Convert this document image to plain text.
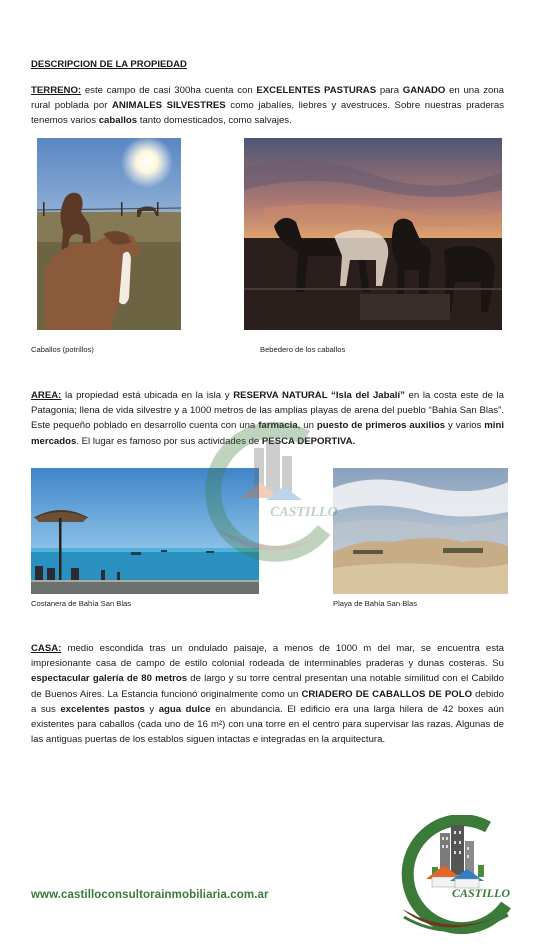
DESCRIPCION DE LA PROPIEDAD
TERRENO: este campo de casi 300ha cuenta con EXCELENTES PASTURAS para GANADO en una zona rural poblada por ANIMALES SILVESTRES como jabalíes, liebres y avestruces. Sobre nuestras praderas tenemos varios caballos tanto domesticados, como salvajes.
Caballos (potrillos)	Bebedero de los caballos
AREA: la propiedad está ubicada en la isla y RESERVA NATURAL “Isla del Jabalí” en la costa este de la Patagonia; llena de vida silvestre y a 1000 metros de las amplias playas de arena del pueblo “Bahía San Blas”. Este pequeño poblado en desarrollo cuenta con una farmacia, un puesto de primeros auxilios y varios mini mercados. El lugar es famoso por sus actividades de PESCA DEPORTIVA.
Costanera de Bahía San Blas	Playa de Bahía San Blas
CASA: medio escondida tras un ondulado paisaje, a menos de 1000 m del mar, se encuentra esta impresionante casa de campo de estilo colonial rodeada de interminables praderas y dunas costeras. Su espectacular galería de 80 metros de largo y su torre central presentan una notable similitud con el Cabildo de Buenos Aires. La Estancia funcionó originalmente como un CRIADERO DE CABALLOS DE POLO debido a sus excelentes pastos y agua dulce en abundancia. El edificio era una larga hilera de 42 boxes aún existentes para caballos (cada uno de 16 m²) con una torre en el centro para supervisar las razas. Algunas de las antiguas puertas de los establos siguen intactas e integradas en la arquitectura.
CASTILLO
www.castilloconsultorainmobiliaria.com.ar	CASTILLO
